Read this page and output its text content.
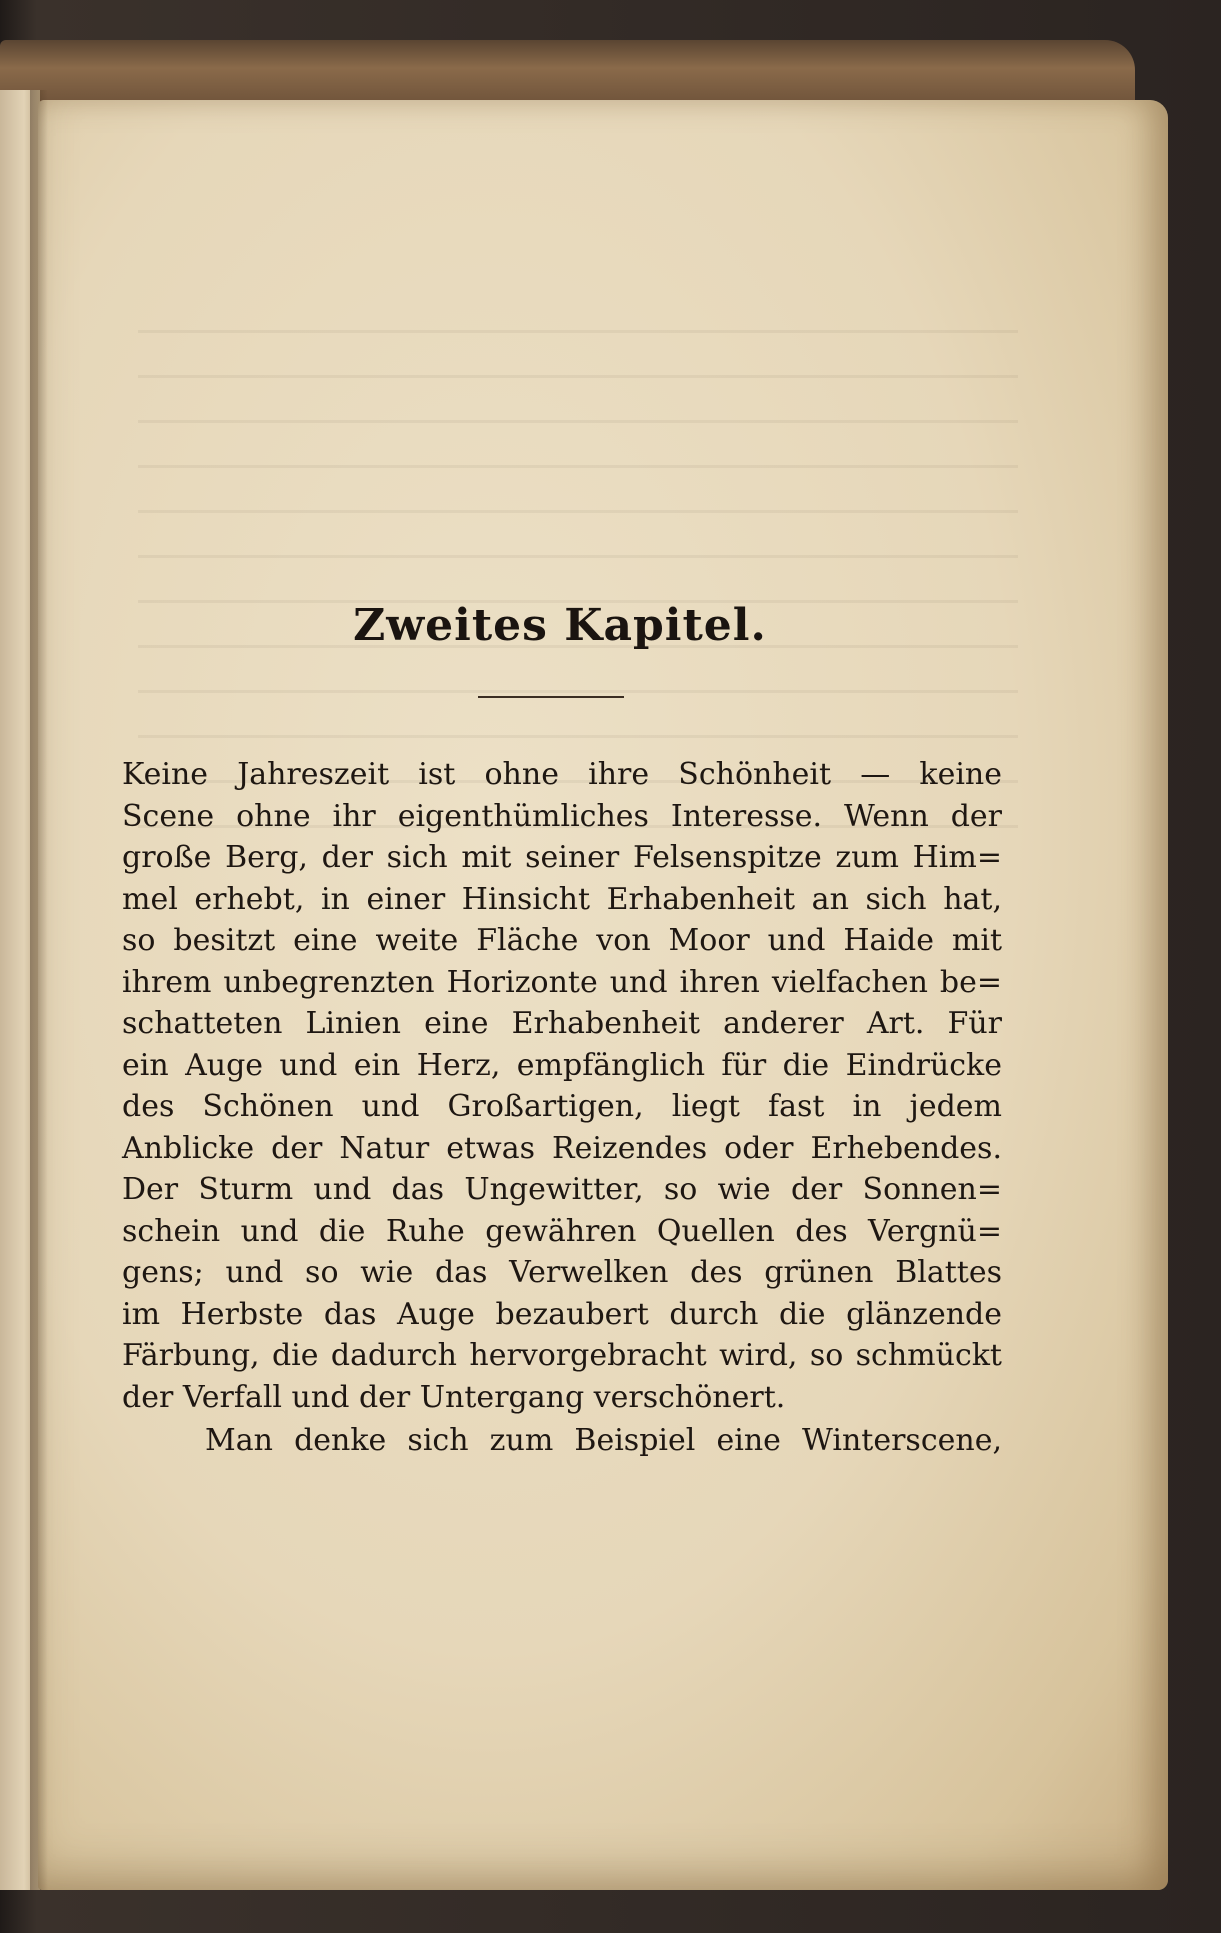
Zweites Kapitel.
Keine Jahreszeit ist ohne ihre Schönheit — keine
Scene ohne ihr eigenthümliches Interesse. Wenn der
große Berg, der sich mit seiner Felsenspitze zum Him=
mel erhebt, in einer Hinsicht Erhabenheit an sich hat,
so besitzt eine weite Fläche von Moor und Haide mit
ihrem unbegrenzten Horizonte und ihren vielfachen be=
schatteten Linien eine Erhabenheit anderer Art. Für
ein Auge und ein Herz, empfänglich für die Eindrücke
des Schönen und Großartigen, liegt fast in jedem
Anblicke der Natur etwas Reizendes oder Erhebendes.
Der Sturm und das Ungewitter, so wie der Sonnen=
schein und die Ruhe gewähren Quellen des Vergnü=
gens; und so wie das Verwelken des grünen Blattes
im Herbste das Auge bezaubert durch die glänzende
Färbung, die dadurch hervorgebracht wird, so schmückt
der Verfall und der Untergang verschönert.
Man denke sich zum Beispiel eine Winterscene,
